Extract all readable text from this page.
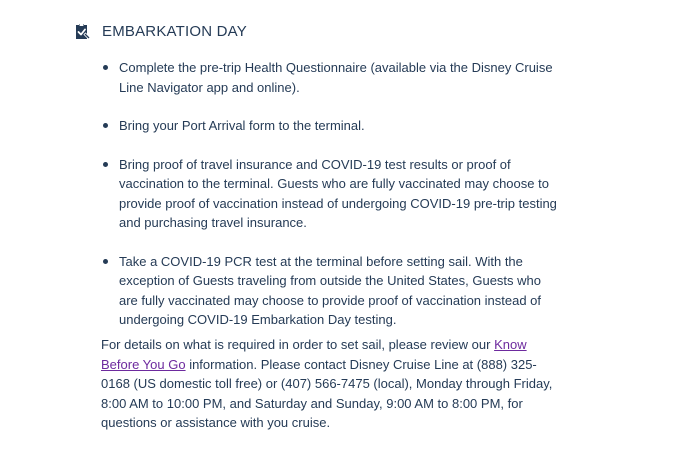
EMBARKATION DAY
Complete the pre-trip Health Questionnaire (available via the Disney Cruise Line Navigator app and online).
Bring your Port Arrival form to the terminal.
Bring proof of travel insurance and COVID-19 test results or proof of vaccination to the terminal. Guests who are fully vaccinated may choose to provide proof of vaccination instead of undergoing COVID-19 pre-trip testing and purchasing travel insurance.
Take a COVID-19 PCR test at the terminal before setting sail. With the exception of Guests traveling from outside the United States, Guests who are fully vaccinated may choose to provide proof of vaccination instead of undergoing COVID-19 Embarkation Day testing.

For details on what is required in order to set sail, please review our Know Before You Go information. Please contact Disney Cruise Line at (888) 325-0168 (US domestic toll free) or (407) 566-7475 (local), Monday through Friday, 8:00 AM to 10:00 PM, and Saturday and Sunday, 9:00 AM to 8:00 PM, for questions or assistance with you cruise.
